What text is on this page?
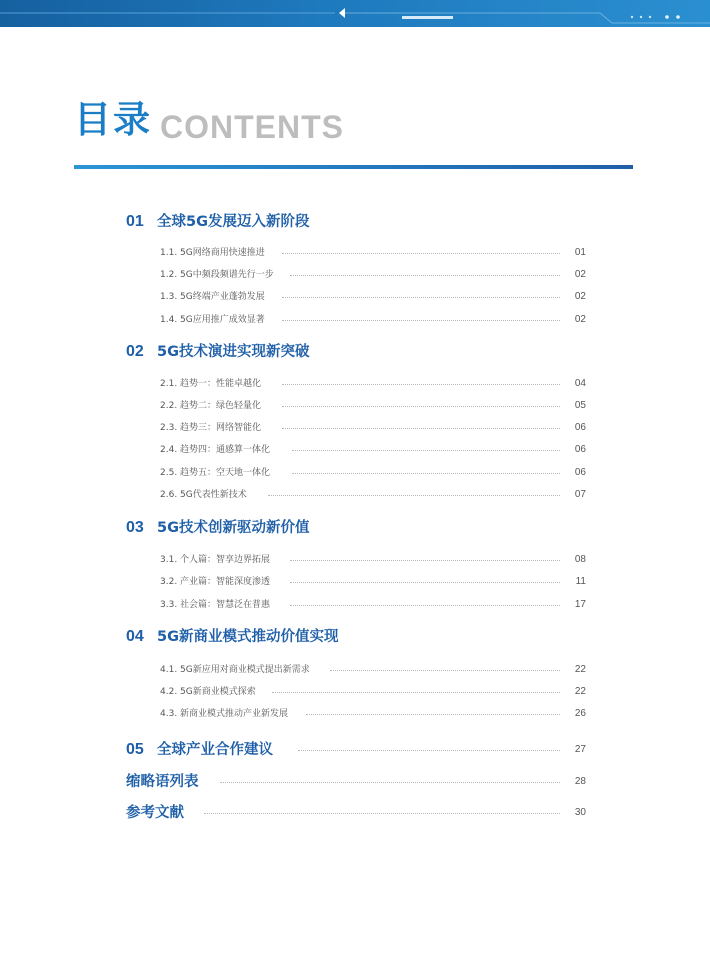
目录 CONTENTS
01 全球5G发展迈入新阶段
1.1. 5G网络商用快速推进	01
1.2. 5G中频段频谱先行一步	02
1.3. 5G终端产业蓬勃发展	02
1.4. 5G应用推广成效显著	02
02 5G技术演进实现新突破
2.1. 趋势一：性能卓越化	04
2.2. 趋势二：绿色轻量化	05
2.3. 趋势三：网络智能化	06
2.4. 趋势四：通感算一体化	06
2.5. 趋势五：空天地一体化	06
2.6. 5G代表性新技术	07
03 5G技术创新驱动新价值
3.1. 个人篇：智享边界拓展	08
3.2. 产业篇：智能深度渗透	11
3.3. 社会篇：智慧泛在普惠	17
04 5G新商业模式推动价值实现
4.1. 5G新应用对商业模式提出新需求	22
4.2. 5G新商业模式探索	22
4.3. 新商业模式推动产业新发展	26
05 全球产业合作建议	27
缩略语列表	28
参考文献	30
